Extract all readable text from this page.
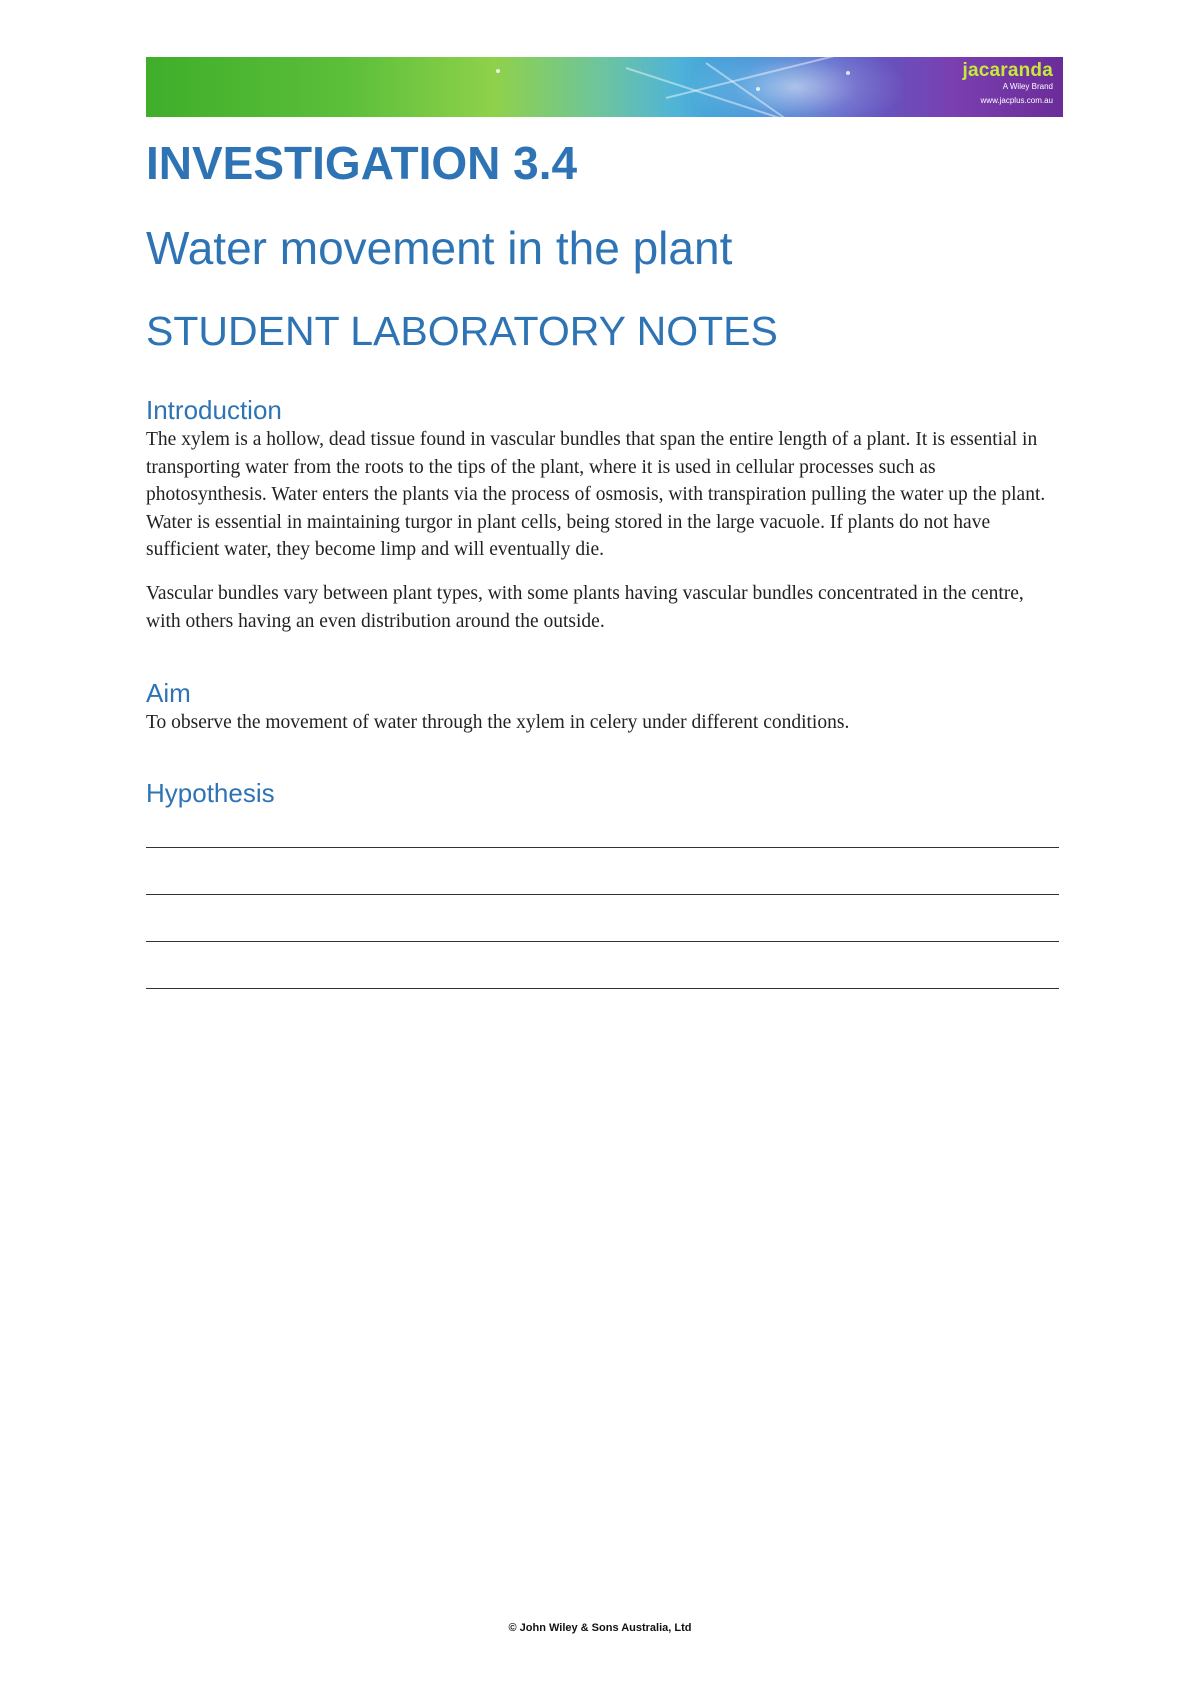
jacaranda
A Wiley Brand
www.jacplus.com.au
INVESTIGATION 3.4
Water movement in the plant
STUDENT LABORATORY NOTES
Introduction

The xylem is a hollow, dead tissue found in vascular bundles that span the entire length of a plant. It is essential in transporting water from the roots to the tips of the plant, where it is used in cellular processes such as photosynthesis. Water enters the plants via the process of osmosis, with transpiration pulling the water up the plant. Water is essential in maintaining turgor in plant cells, being stored in the large vacuole. If plants do not have sufficient water, they become limp and will eventually die.

Vascular bundles vary between plant types, with some plants having vascular bundles concentrated in the centre, with others having an even distribution around the outside.

Aim

To observe the movement of water through the xylem in celery under different conditions.

Hypothesis
© John Wiley & Sons Australia, Ltd
